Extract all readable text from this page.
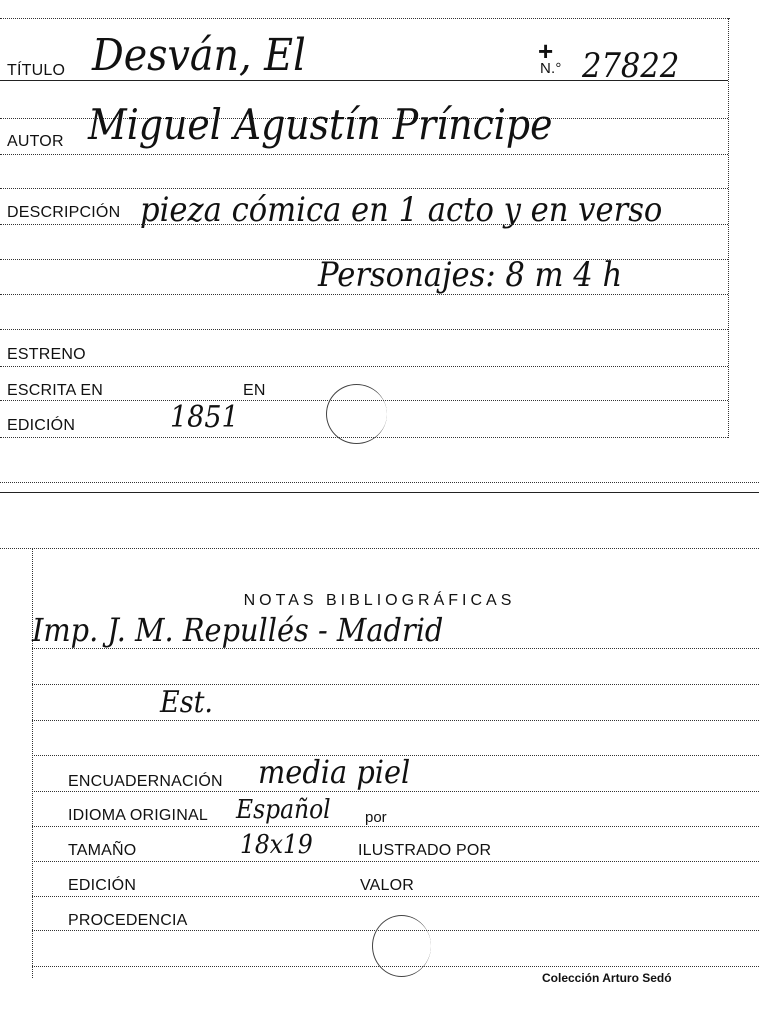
TÍTULO Desván, El	+
N.° 27822
AUTOR Miguel Agustín Príncipe
DESCRIPCIÓN pieza cómica en 1 acto y en verso
Personajes: 8 m 4 h
ESTRENO
ESCRITA EN	EN
EDICIÓN	1851
NOTAS BIBLIOGRÁFICAS
Imp. J. M. Repullés - Madrid
Est.
ENCUADERNACIÓN media piel
IDIOMA ORIGINAL Español por
TAMAÑO	18x19	ILUSTRADO POR
EDICIÓN	VALOR
PROCEDENCIA
Colección Arturo Sedó
